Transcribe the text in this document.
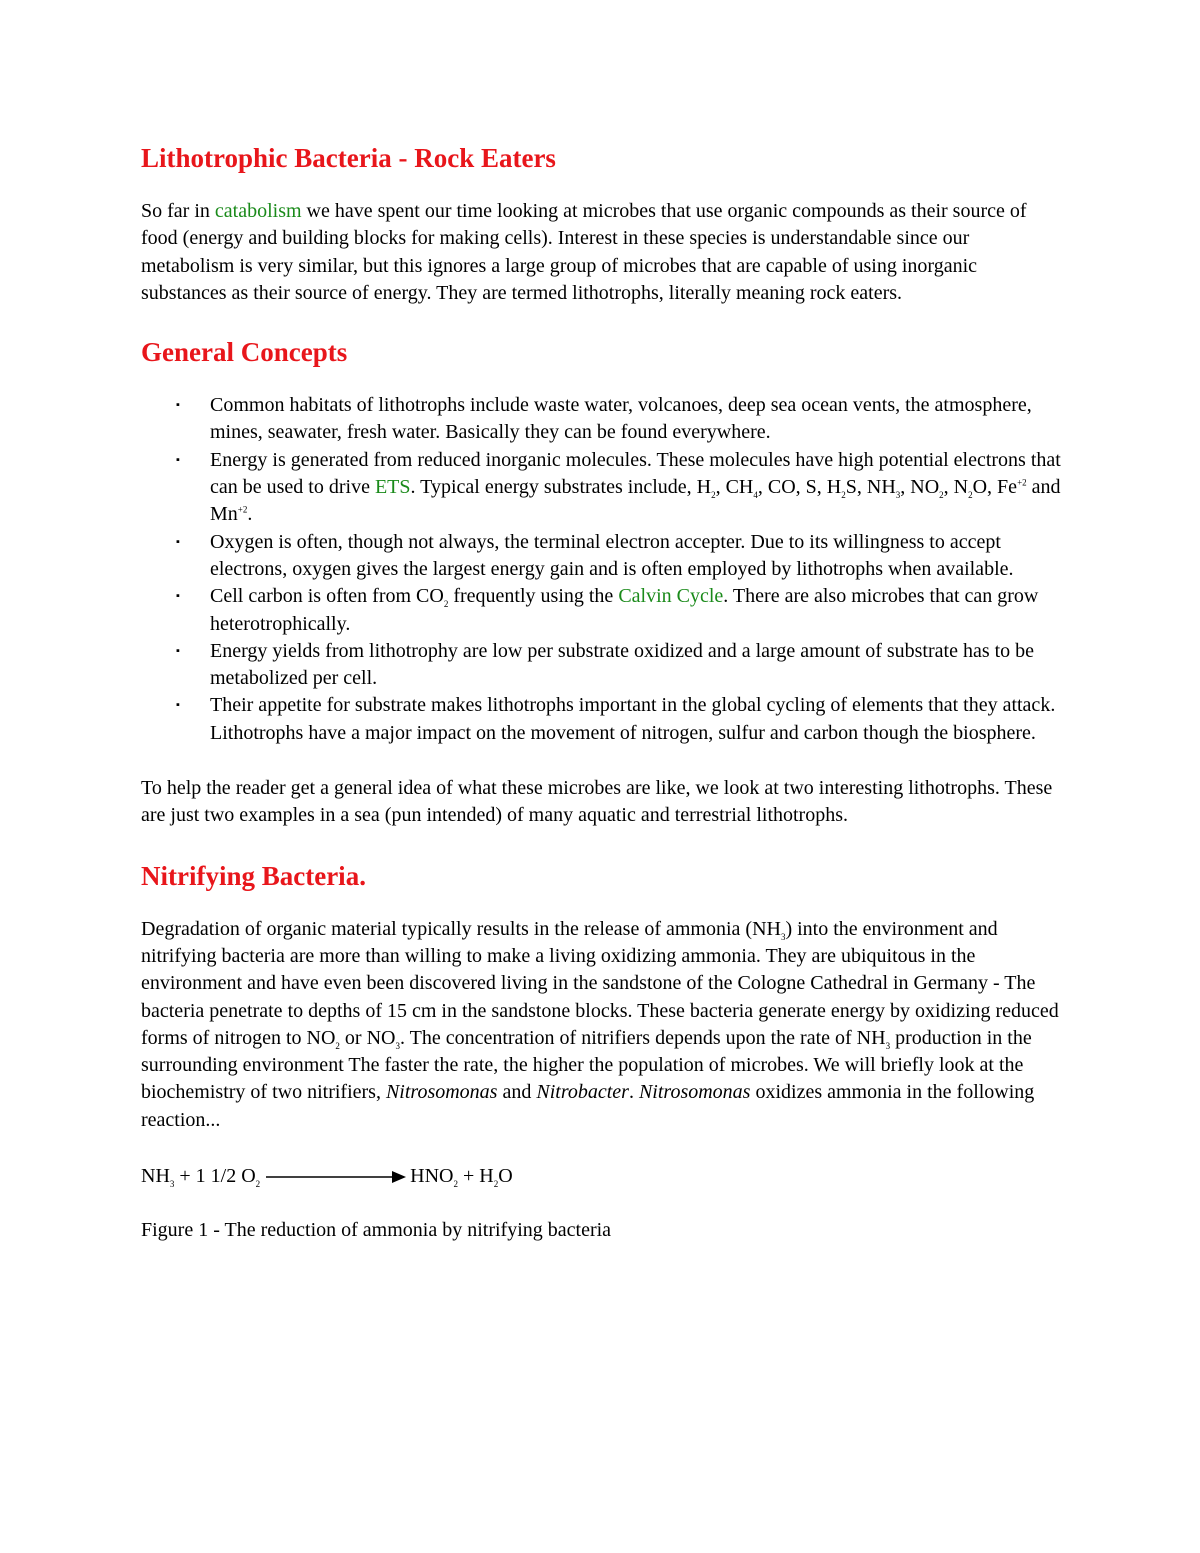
Lithotrophic Bacteria - Rock Eaters

So far in catabolism we have spent our time looking at microbes that use organic compounds as their source of food (energy and building blocks for making cells). Interest in these species is understandable since our metabolism is very similar, but this ignores a large group of microbes that are capable of using inorganic substances as their source of energy. They are termed lithotrophs, literally meaning rock eaters.

General Concepts
▪ Common habitats of lithotrophs include waste water, volcanoes, deep sea ocean vents, the atmosphere, mines, seawater, fresh water. Basically they can be found everywhere.
▪ Energy is generated from reduced inorganic molecules. These molecules have high potential electrons that can be used to drive ETS. Typical energy substrates include, $H_2$, $CH_4$, CO, S, $H_2S$, $NH_3$, $NO_2$, $N_2O$, $Fe^{+2}$ and $Mn^{+2}$.
▪ Oxygen is often, though not always, the terminal electron accepter. Due to its willingness to accept electrons, oxygen gives the largest energy gain and is often employed by lithotrophs when available.
▪ Cell carbon is often from $CO_2$ frequently using the Calvin Cycle. There are also microbes that can grow heterotrophically.
▪ Energy yields from lithotrophy are low per substrate oxidized and a large amount of substrate has to be metabolized per cell.
▪ Their appetite for substrate makes lithotrophs important in the global cycling of elements that they attack. Lithotrophs have a major impact on the movement of nitrogen, sulfur and carbon though the biosphere.

To help the reader get a general idea of what these microbes are like, we look at two interesting lithotrophs. These are just two examples in a sea (pun intended) of many aquatic and terrestrial lithotrophs.

Nitrifying Bacteria.

Degradation of organic material typically results in the release of ammonia $(NH_3)$ into the environment and nitrifying bacteria are more than willing to make a living oxidizing ammonia. They are ubiquitous in the environment and have even been discovered living in the sandstone of the Cologne Cathedral in Germany - The bacteria penetrate to depths of 15 cm in the sandstone blocks. These bacteria generate energy by oxidizing reduced forms of nitrogen to $NO_2$ or $NO_3$. The concentration of nitrifiers depends upon the rate of $NH_3$ production in the surrounding environment The faster the rate, the higher the population of microbes. We will briefly look at the biochemistry of two nitrifiers, Nitrosomonas and Nitrobacter. Nitrosomonas oxidizes ammonia in the following reaction...

$NH_3 + 1$ 1/2 $O_2$	$HNO_2 + H_2O$

Figure 1 - The reduction of ammonia by nitrifying bacteria
